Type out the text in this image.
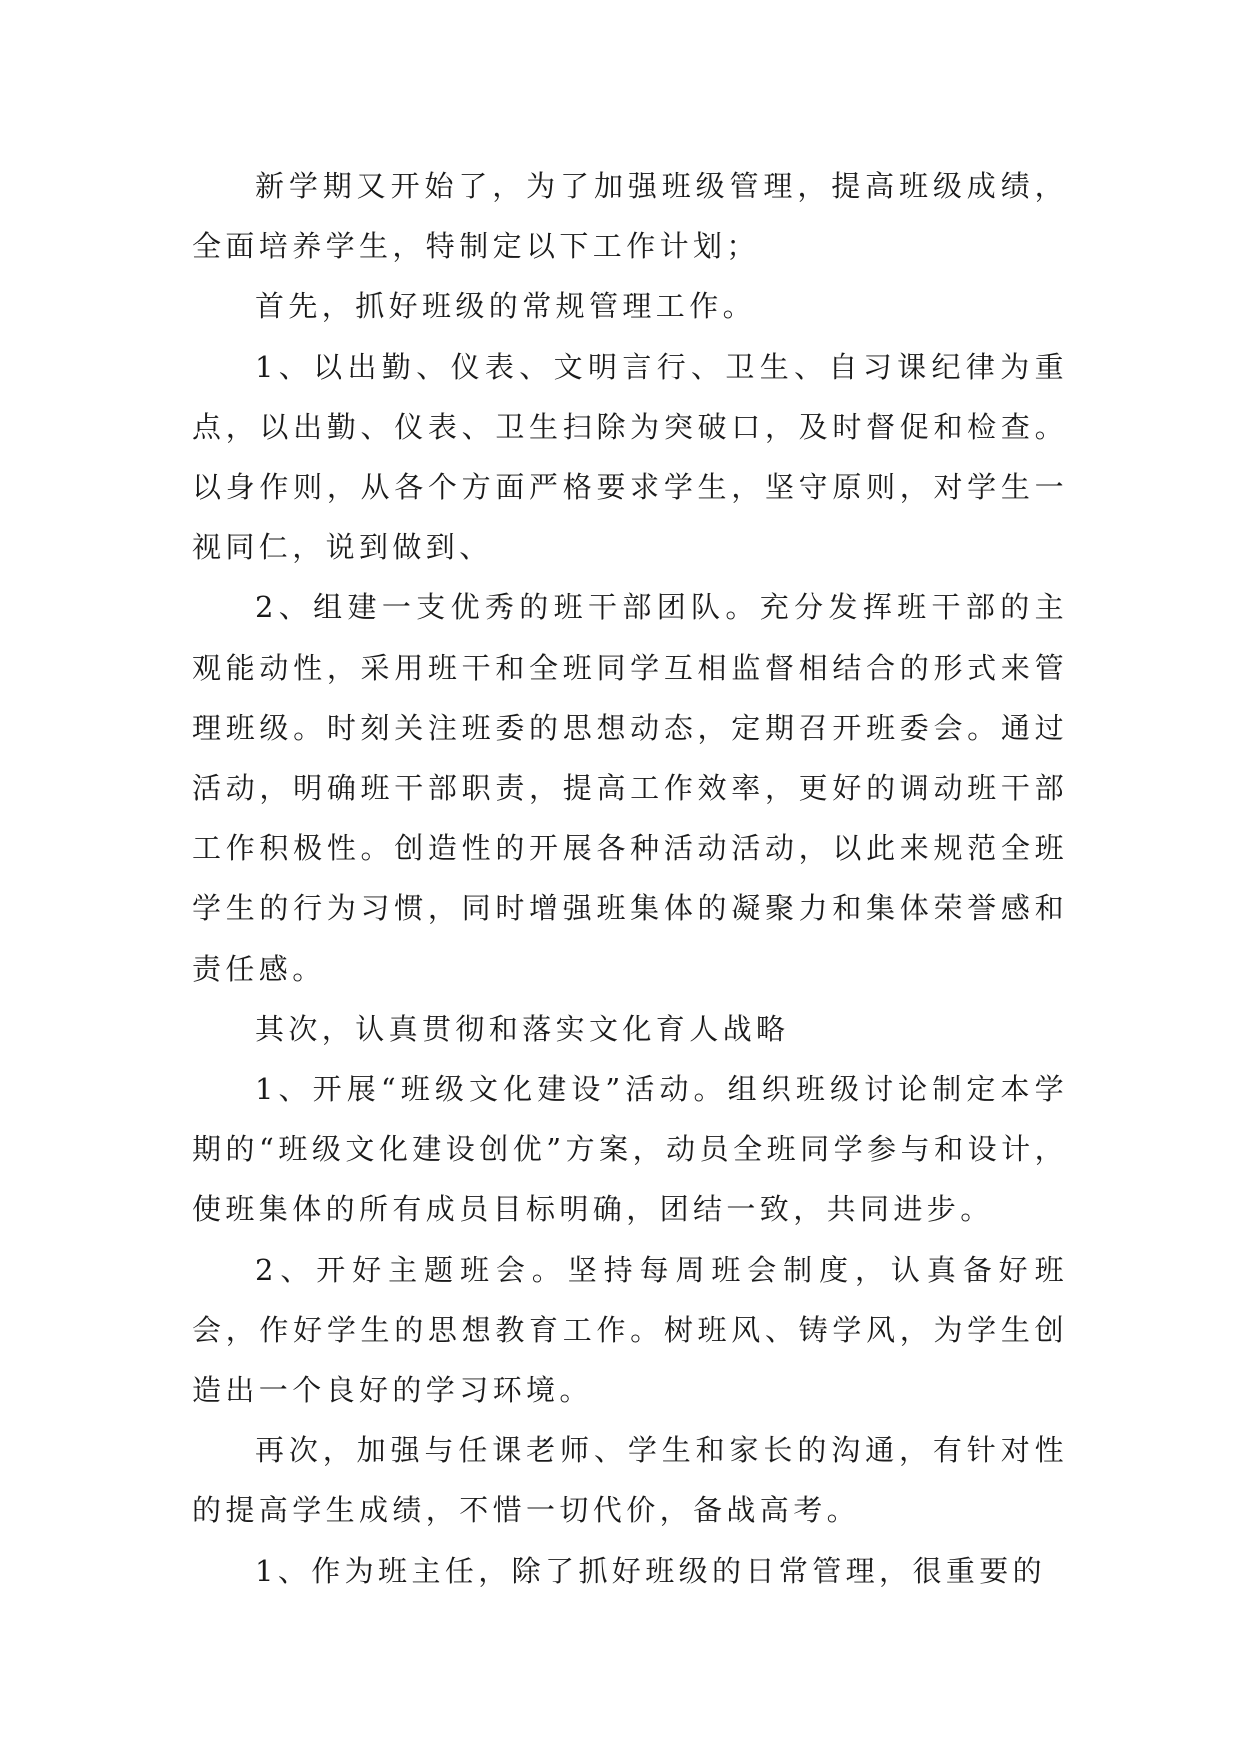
新学期又开始了，为了加强班级管理，提高班级成绩，全面培养学生，特制定以下工作计划；

首先，抓好班级的常规管理工作。

1、以出勤、仪表、文明言行、卫生、自习课纪律为重点，以出勤、仪表、卫生扫除为突破口，及时督促和检查。以身作则，从各个方面严格要求学生，坚守原则，对学生一视同仁，说到做到、

2、组建一支优秀的班干部团队。充分发挥班干部的主观能动性，采用班干和全班同学互相监督相结合的形式来管理班级。时刻关注班委的思想动态，定期召开班委会。通过活动，明确班干部职责，提高工作效率，更好的调动班干部工作积极性。创造性的开展各种活动活动，以此来规范全班学生的行为习惯，同时增强班集体的凝聚力和集体荣誉感和责任感。

其次，认真贯彻和落实文化育人战略

1、开展“班级文化建设”活动。组织班级讨论制定本学期的“班级文化建设创优”方案，动员全班同学参与和设计，使班集体的所有成员目标明确，团结一致，共同进步。

2、开好主题班会。坚持每周班会制度，认真备好班会，作好学生的思想教育工作。树班风、铸学风，为学生创造出一个良好的学习环境。

再次，加强与任课老师、学生和家长的沟通，有针对性的提高学生成绩，不惜一切代价，备战高考。

1、作为班主任，除了抓好班级的日常管理，很重要的
